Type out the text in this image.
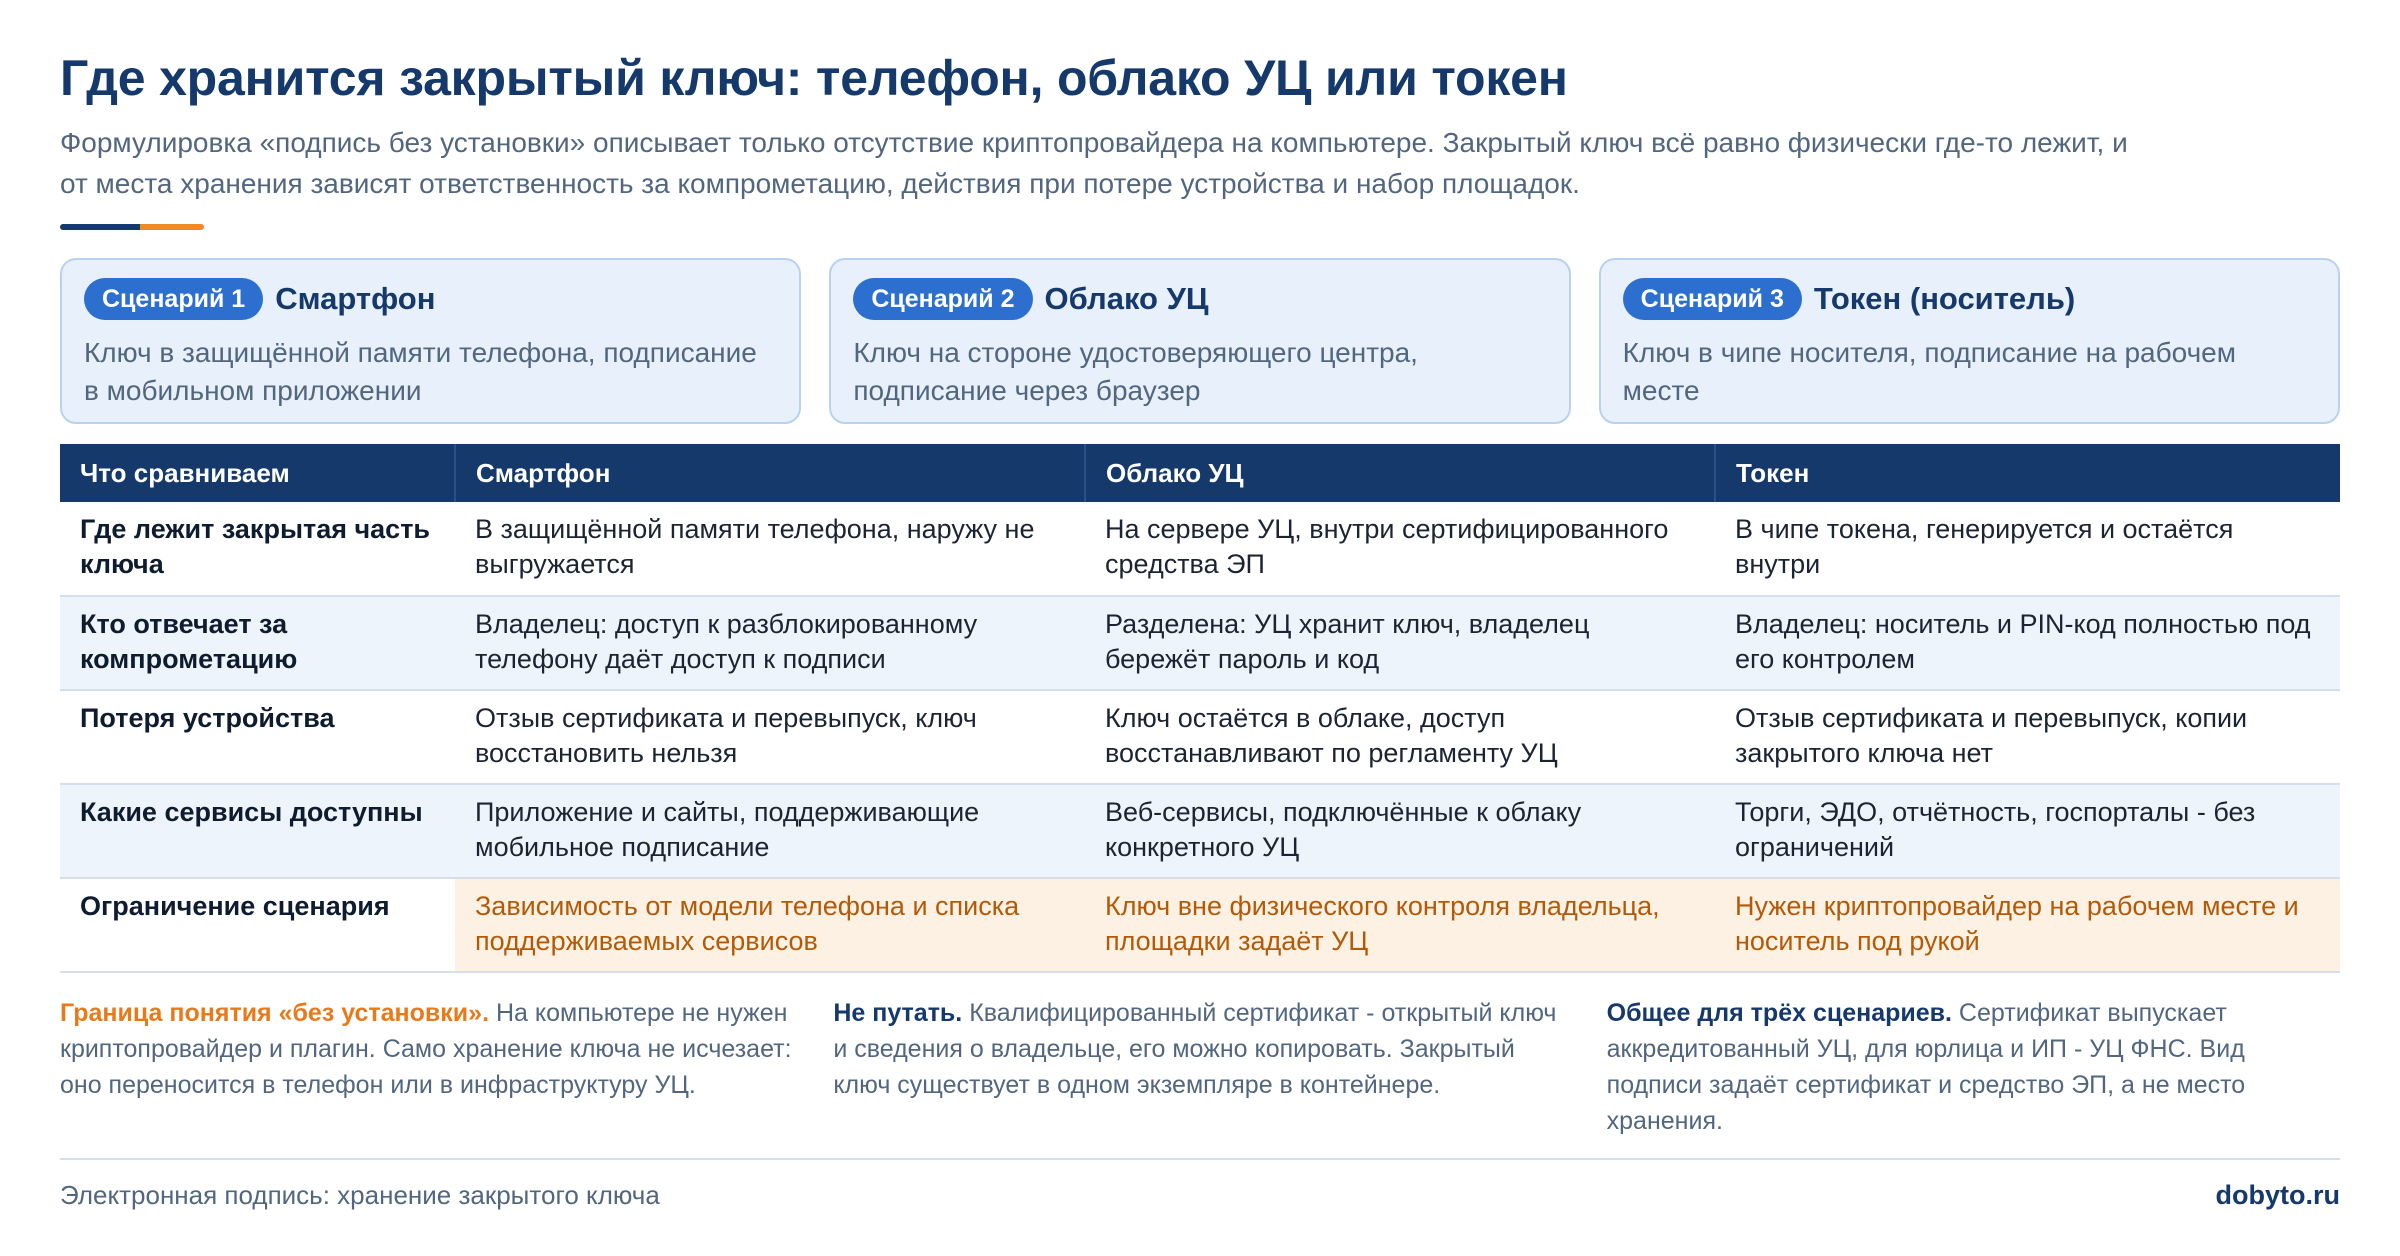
Где хранится закрытый ключ: телефон, облако УЦ или токен

Формулировка «подпись без установки» описывает только отсутствие криптопровайдера на компьютере. Закрытый ключ всё равно физически где-то лежит, и от места хранения зависят ответственность за компрометацию, действия при потере устройства и набор площадок.

Сценарий 1 Смартфон

Ключ в защищённой памяти телефона, подписание в мобильном приложении

Сценарий 2 Облако УЦ

Ключ на стороне удостоверяющего центра, подписание через браузер

Сценарий 3 Токен (носитель)

Ключ в чипе носителя, подписание на рабочем месте

Что сравниваем	Смартфон	Облако УЦ	Токен
Где лежит закрытая часть ключа	В защищённой памяти телефона, наружу не выгружается	На сервере УЦ, внутри сертифицированного средства ЭП	В чипе токена, генерируется и остаётся внутри
Кто отвечает за компрометацию	Владелец: доступ к разблокированному телефону даёт доступ к подписи	Разделена: УЦ хранит ключ, владелец бережёт пароль и код	Владелец: носитель и PIN-код полностью под его контролем
Потеря устройства	Отзыв сертификата и перевыпуск, ключ восстановить нельзя	Ключ остаётся в облаке, доступ восстанавливают по регламенту УЦ	Отзыв сертификата и перевыпуск, копии закрытого ключа нет
Какие сервисы доступны	Приложение и сайты, поддерживающие мобильное подписание	Веб-сервисы, подключённые к облаку конкретного УЦ	Торги, ЭДО, отчётность, госпорталы - без ограничений
Ограничение сценария	Зависимость от модели телефона и списка поддерживаемых сервисов	Ключ вне физического контроля владельца, площадки задаёт УЦ	Нужен криптопровайдер на рабочем месте и носитель под рукой

Граница понятия «без установки». На компьютере не нужен криптопровайдер и плагин. Само хранение ключа не исчезает: оно переносится в телефон или в инфраструктуру УЦ.

Не путать. Квалифицированный сертификат - открытый ключ и сведения о владельце, его можно копировать. Закрытый ключ существует в одном экземпляре в контейнере.

Общее для трёх сценариев. Сертификат выпускает аккредитованный УЦ, для юрлица и ИП - УЦ ФНС. Вид подписи задаёт сертификат и средство ЭП, а не место хранения.

Электронная подпись: хранение закрытого ключа	dobyto.ru
